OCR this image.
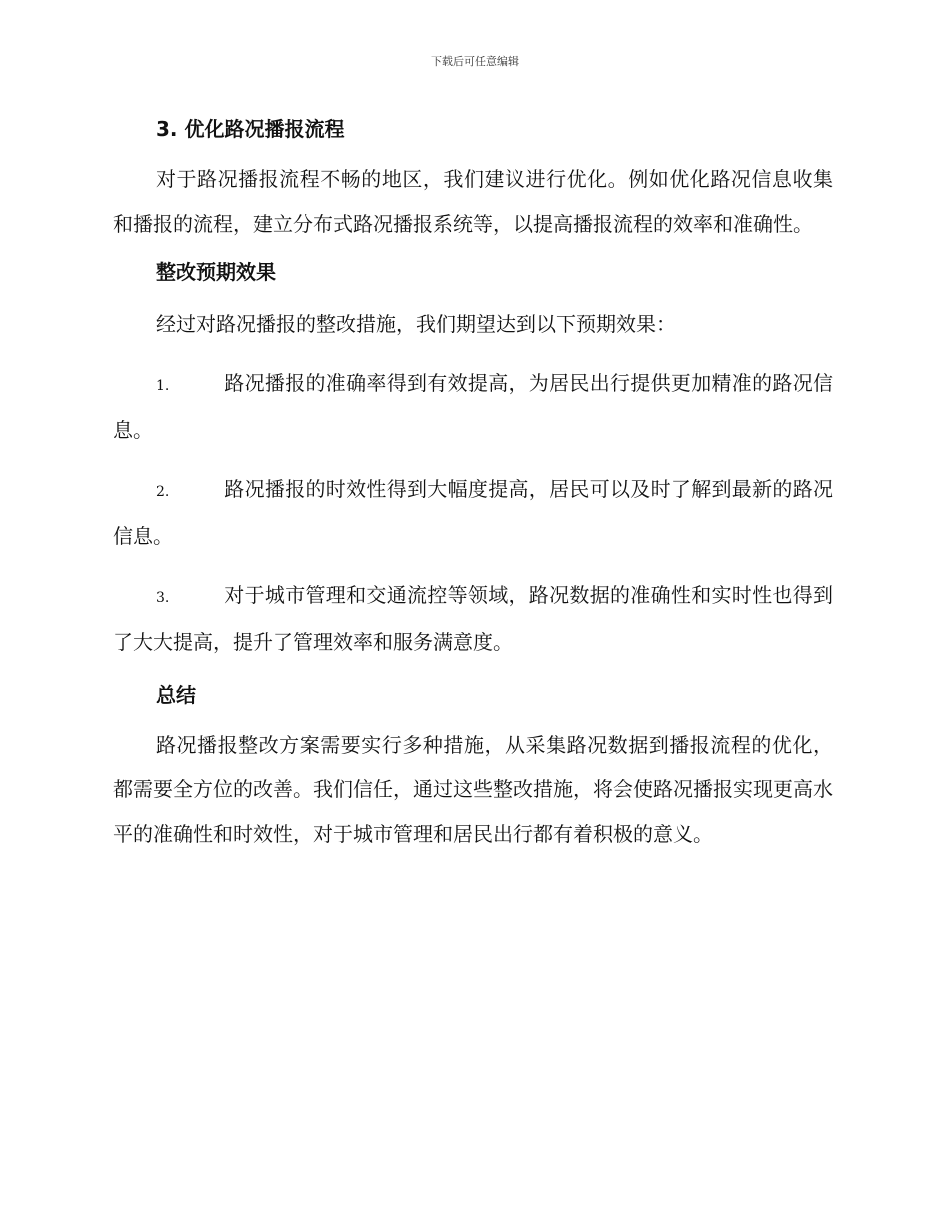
下载后可任意编辑
3. 优化路况播报流程

对于路况播报流程不畅的地区，我们建议进行优化。例如优化路况信息收集和播报的流程，建立分布式路况播报系统等，以提高播报流程的效率和准确性。

整改预期效果

经过对路况播报的整改措施，我们期望达到以下预期效果：

1.	路况播报的准确率得到有效提高，为居民出行提供更加精准的路况信息。

2.	路况播报的时效性得到大幅度提高，居民可以及时了解到最新的路况信息。

3.	对于城市管理和交通流控等领域，路况数据的准确性和实时性也得到了大大提高，提升了管理效率和服务满意度。

总结

路况播报整改方案需要实行多种措施，从采集路况数据到播报流程的优化，都需要全方位的改善。我们信任，通过这些整改措施，将会使路况播报实现更高水平的准确性和时效性，对于城市管理和居民出行都有着积极的意义。
